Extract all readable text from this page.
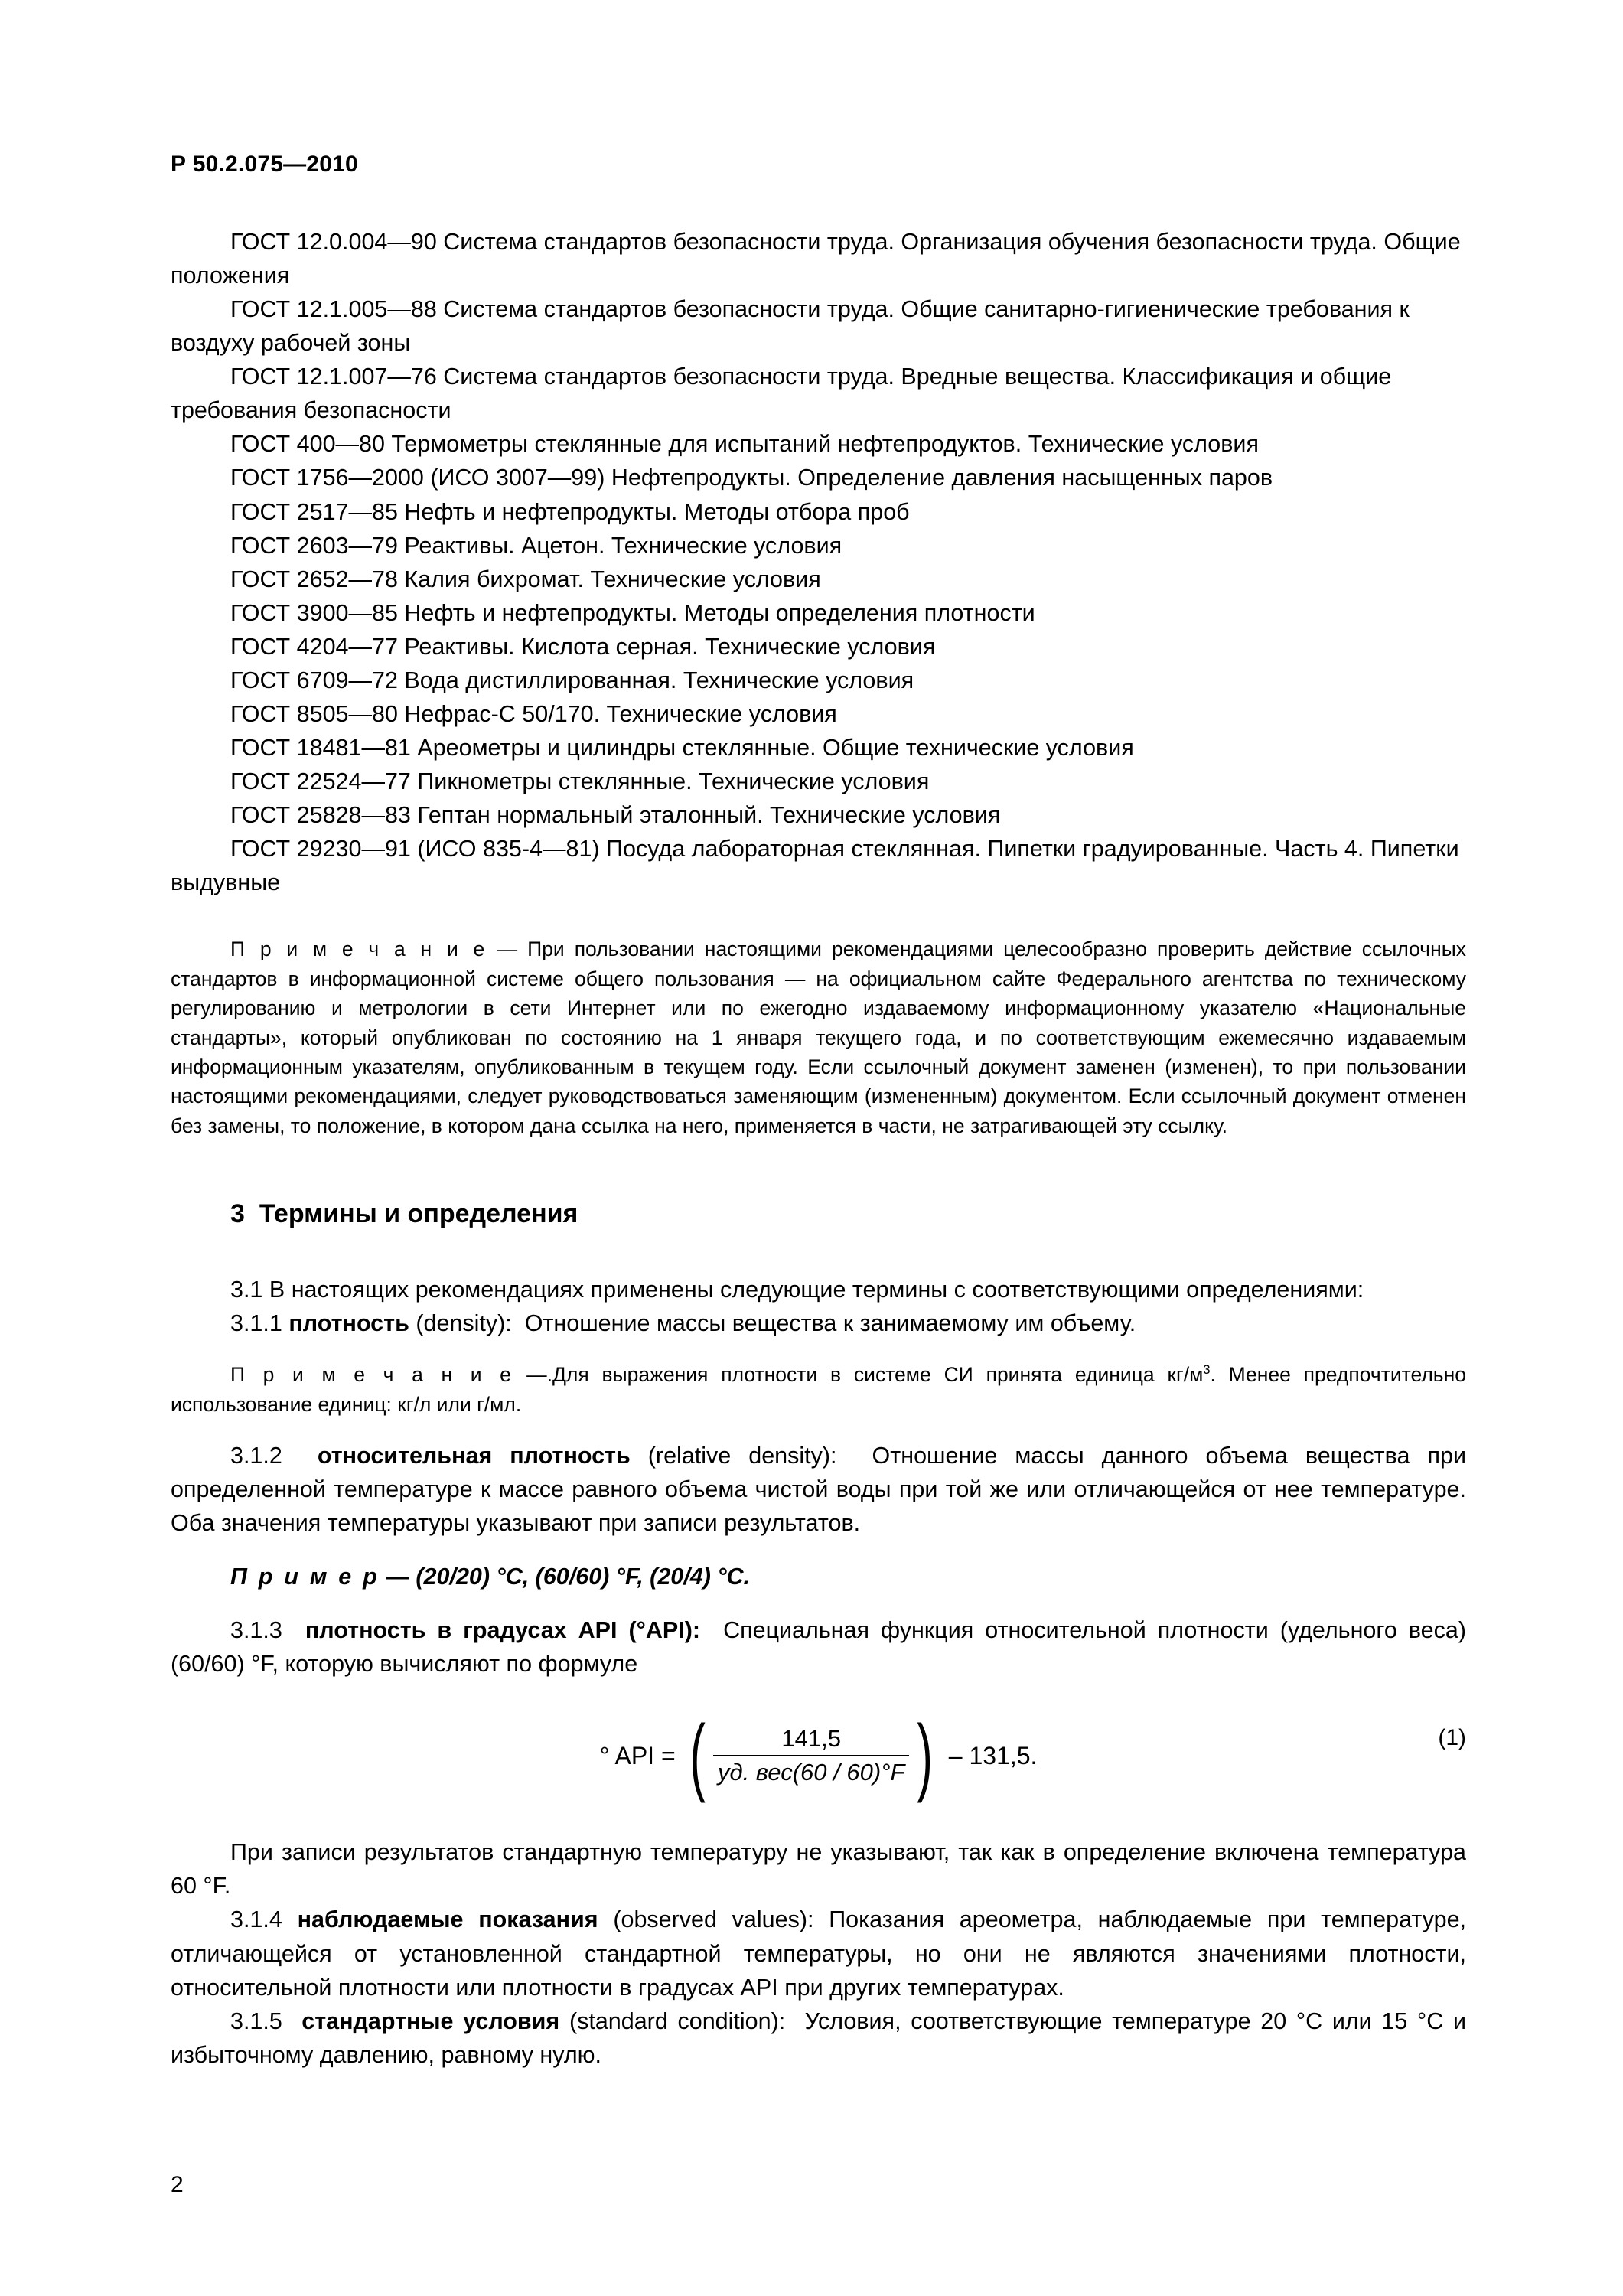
Р 50.2.075—2010
ГОСТ 12.0.004—90 Система стандартов безопасности труда. Организация обучения безопасности труда. Общие положения
ГОСТ 12.1.005—88 Система стандартов безопасности труда. Общие санитарно-гигиенические требования к воздуху рабочей зоны
ГОСТ 12.1.007—76 Система стандартов безопасности труда. Вредные вещества. Классификация и общие требования безопасности
ГОСТ 400—80 Термометры стеклянные для испытаний нефтепродуктов. Технические условия
ГОСТ 1756—2000 (ИСО 3007—99) Нефтепродукты. Определение давления насыщенных паров
ГОСТ 2517—85 Нефть и нефтепродукты. Методы отбора проб
ГОСТ 2603—79 Реактивы. Ацетон. Технические условия
ГОСТ 2652—78 Калия бихромат. Технические условия
ГОСТ 3900—85 Нефть и нефтепродукты. Методы определения плотности
ГОСТ 4204—77 Реактивы. Кислота серная. Технические условия
ГОСТ 6709—72 Вода дистиллированная. Технические условия
ГОСТ 8505—80 Нефрас-С 50/170. Технические условия
ГОСТ 18481—81 Ареометры и цилиндры стеклянные. Общие технические условия
ГОСТ 22524—77 Пикнометры стеклянные. Технические условия
ГОСТ 25828—83 Гептан нормальный эталонный. Технические условия
ГОСТ 29230—91 (ИСО 835-4—81) Посуда лабораторная стеклянная. Пипетки градуированные. Часть 4. Пипетки выдувные

П р и м е ч а н и е — При пользовании настоящими рекомендациями целесообразно проверить действие ссылочных стандартов в информационной системе общего пользования — на официальном сайте Федерального агентства по техническому регулированию и метрологии в сети Интернет или по ежегодно издаваемому информационному указателю «Национальные стандарты», который опубликован по состоянию на 1 января текущего года, и по соответствующим ежемесячно издаваемым информационным указателям, опубликованным в текущем году. Если ссылочный документ заменен (изменен), то при пользовании настоящими рекомендациями, следует руководствоваться заменяющим (измененным) документом. Если ссылочный документ отменен без замены, то положение, в котором дана ссылка на него, применяется в части, не затрагивающей эту ссылку.

3 Термины и определения

3.1 В настоящих рекомендациях применены следующие термины с соответствующими определениями:

3.1.1 плотность (density): Отношение массы вещества к занимаемому им объему.

П р и м е ч а н и е —.Для выражения плотности в системе СИ принята единица $кг/м^3$. Менее предпочтительно использование единиц: кг/л или г/мл.

3.1.2 относительная плотность (relative density): Отношение массы данного объема вещества при определенной температуре к массе равного объема чистой воды при той же или отличающейся от нее температуре. Оба значения температуры указывают при записи результатов.

П р и м е р — (20/20) °C, (60/60) °F, (20/4) °C.

3.1.3 плотность в градусах API (°API): Специальная функция относительной плотности (удельного веса) (60/60) °F, которую вычисляют по формуле

° API = ( $\frac{141,5}{\text{уд. вес(60 / 60)°F}}$ ) – 131,5.
(1)

При записи результатов стандартную температуру не указывают, так как в определение включена температура 60 °F.

3.1.4 наблюдаемые показания (observed values): Показания ареометра, наблюдаемые при температуре, отличающейся от установленной стандартной температуры, но они не являются значениями плотности, относительной плотности или плотности в градусах API при других температурах.

3.1.5 стандартные условия (standard condition): Условия, соответствующие температуре 20 °С или 15 °С и избыточному давлению, равному нулю.

2
